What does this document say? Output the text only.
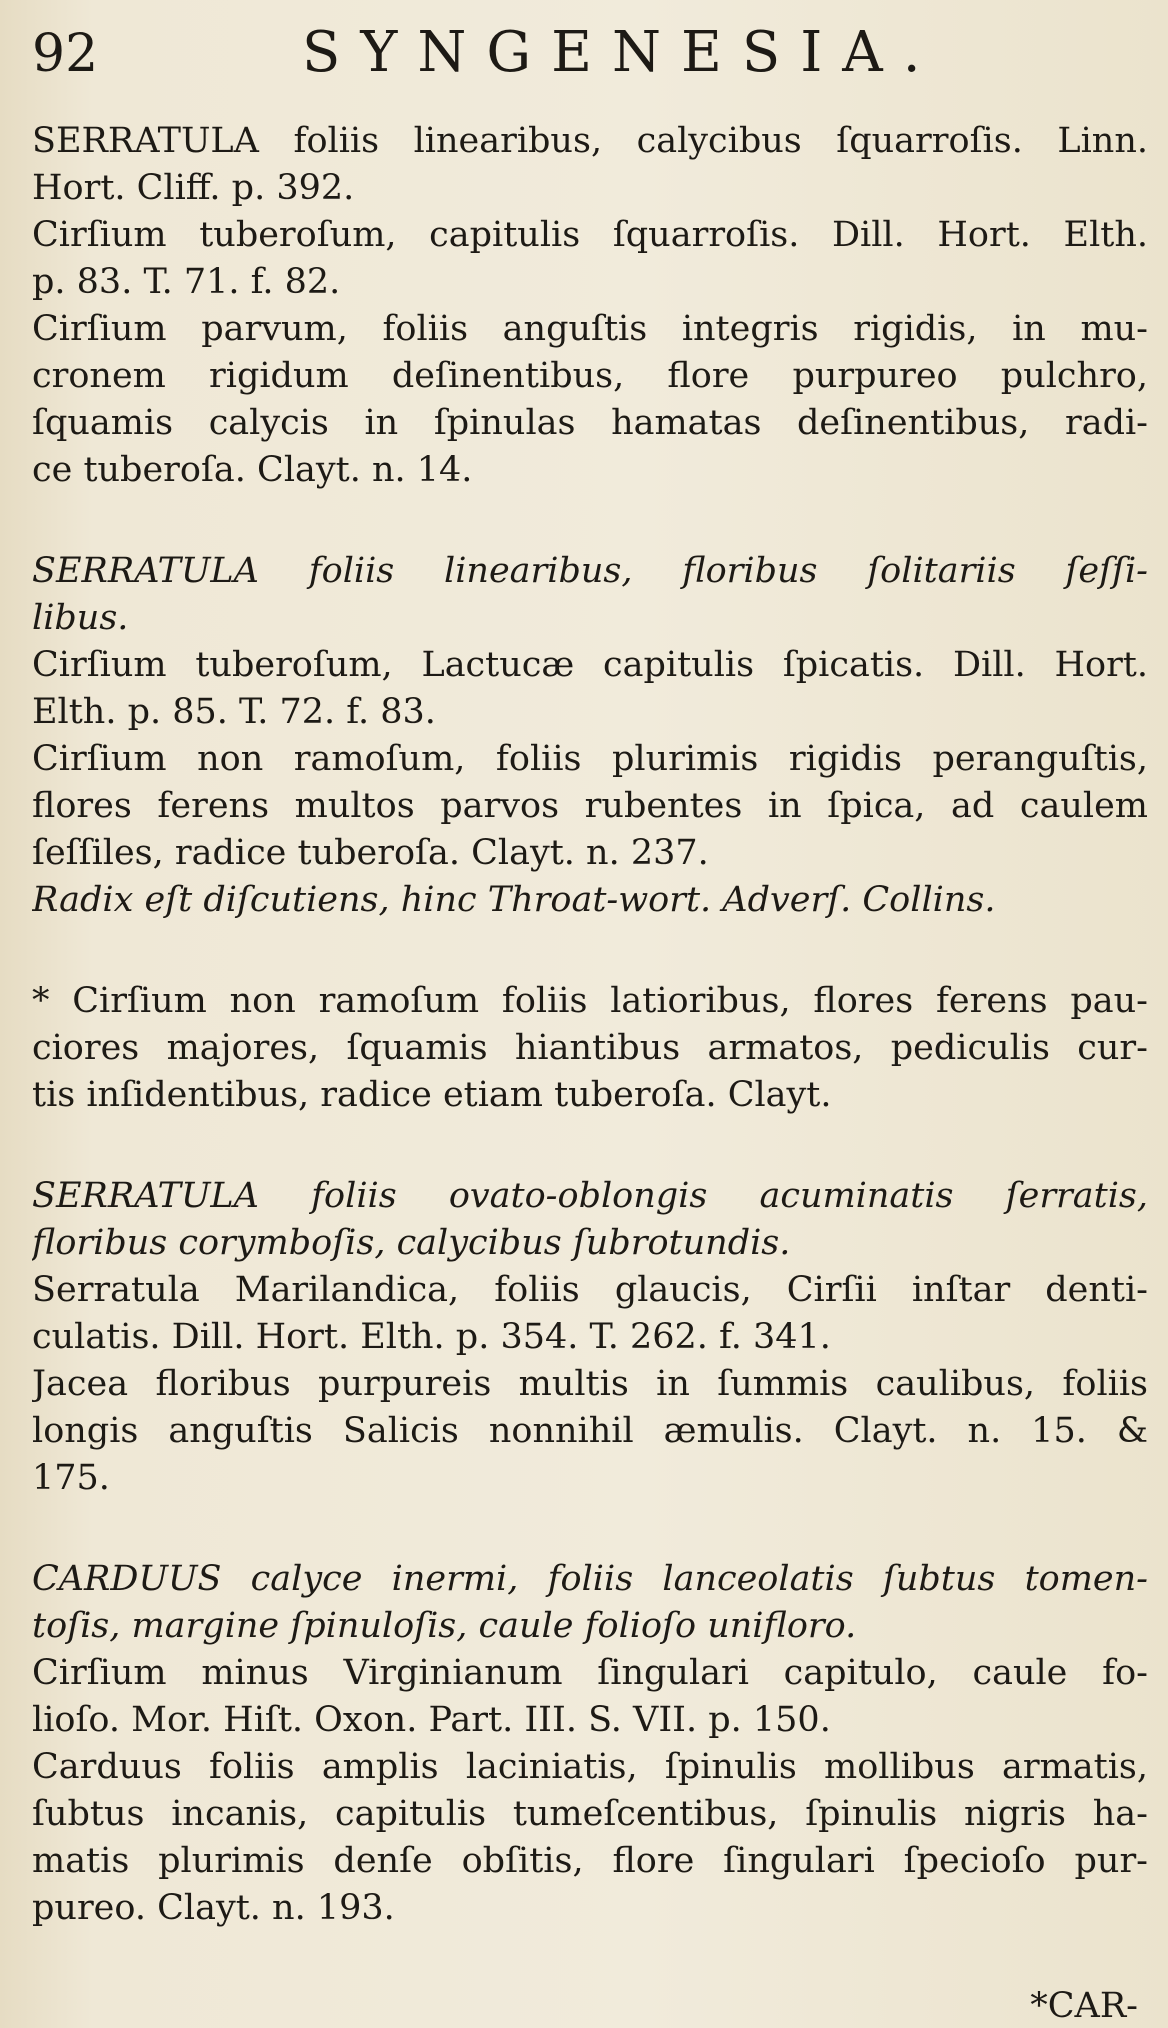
92	SYNGENESIA.
SERRATULA foliis linearibus, calycibus ſquarroſis. Linn.
Hort. Cliff. p. 392.
Cirſium tuberoſum, capitulis ſquarroſis. Dill. Hort. Elth.
p. 83. T. 71. f. 82.
Cirſium parvum, foliis anguſtis integris rigidis, in mu-
cronem rigidum deſinentibus, flore purpureo pulchro,
ſquamis calycis in ſpinulas hamatas deſinentibus, radi-
ce tuberoſa. Clayt. n. 14.
SERRATULA foliis linearibus, floribus ſolitariis ſeſſi-
libus.
Cirſium tuberoſum, Lactucæ capitulis ſpicatis. Dill. Hort.
Elth. p. 85. T. 72. f. 83.
Cirſium non ramoſum, foliis plurimis rigidis peranguſtis,
flores ferens multos parvos rubentes in ſpica, ad caulem
ſeſſiles, radice tuberoſa. Clayt. n. 237.
Radix eſt diſcutiens, hinc Throat-wort. Adverſ. Collins.
* Cirſium non ramoſum foliis latioribus, flores ferens pau-
ciores majores, ſquamis hiantibus armatos, pediculis cur-
tis inſidentibus, radice etiam tuberoſa. Clayt.
SERRATULA foliis ovato-oblongis acuminatis ſerratis,
floribus corymboſis, calycibus ſubrotundis.
Serratula Marilandica, foliis glaucis, Cirſii inſtar denti-
culatis. Dill. Hort. Elth. p. 354. T. 262. f. 341.
Jacea floribus purpureis multis in ſummis caulibus, foliis
longis anguſtis Salicis nonnihil æmulis. Clayt. n. 15. &
175.
CARDUUS calyce inermi, foliis lanceolatis ſubtus tomen-
toſis, margine ſpinuloſis, caule folioſo unifloro.
Cirſium minus Virginianum ſingulari capitulo, caule fo-
lioſo. Mor. Hiſt. Oxon. Part. III. S. VII. p. 150.
Carduus foliis amplis laciniatis, ſpinulis mollibus armatis,
ſubtus incanis, capitulis tumeſcentibus, ſpinulis nigris ha-
matis plurimis denſe obſitis, flore ſingulari ſpecioſo pur-
pureo. Clayt. n. 193.
*CAR-
